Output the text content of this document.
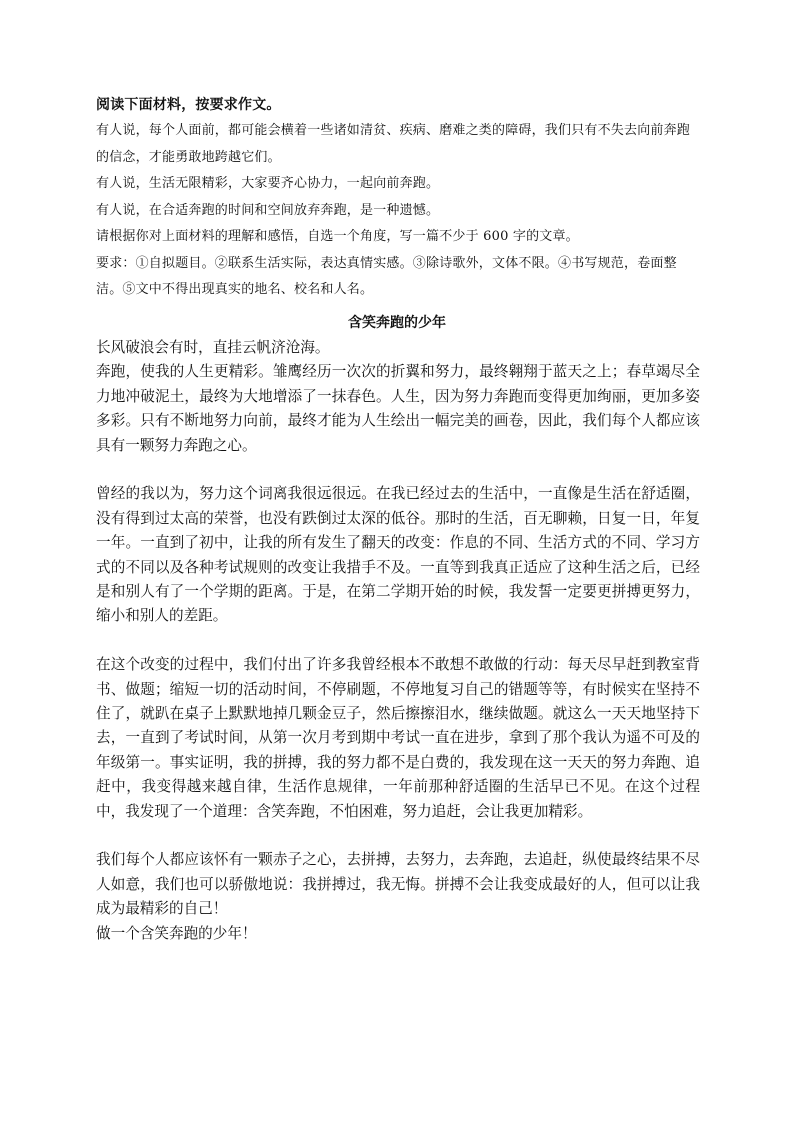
阅读下面材料，按要求作文。

有人说，每个人面前，都可能会横着一些诸如清贫、疾病、磨难之类的障碍，我们只有不失去向前奔跑的信念，才能勇敢地跨越它们。

有人说，生活无限精彩，大家要齐心协力，一起向前奔跑。

有人说，在合适奔跑的时间和空间放弃奔跑，是一种遗憾。

请根据你对上面材料的理解和感悟，自选一个角度，写一篇不少于 600 字的文章。

要求：①自拟题目。②联系生活实际，表达真情实感。③除诗歌外，文体不限。④书写规范，卷面整洁。⑤文中不得出现真实的地名、校名和人名。

含笑奔跑的少年

长风破浪会有时，直挂云帆济沧海。

奔跑，使我的人生更精彩。雏鹰经历一次次的折翼和努力，最终翱翔于蓝天之上；春草竭尽全力地冲破泥土，最终为大地增添了一抹春色。人生，因为努力奔跑而变得更加绚丽，更加多姿多彩。只有不断地努力向前，最终才能为人生绘出一幅完美的画卷，因此，我们每个人都应该具有一颗努力奔跑之心。

曾经的我以为，努力这个词离我很远很远。在我已经过去的生活中，一直像是生活在舒适圈，没有得到过太高的荣誉，也没有跌倒过太深的低谷。那时的生活，百无聊赖，日复一日，年复一年。一直到了初中，让我的所有发生了翻天的改变：作息的不同、生活方式的不同、学习方式的不同以及各种考试规则的改变让我措手不及。一直等到我真正适应了这种生活之后，已经是和别人有了一个学期的距离。于是，在第二学期开始的时候，我发誓一定要更拼搏更努力，缩小和别人的差距。

在这个改变的过程中，我们付出了许多我曾经根本不敢想不敢做的行动：每天尽早赶到教室背书、做题；缩短一切的活动时间，不停刷题，不停地复习自己的错题等等，有时候实在坚持不住了，就趴在桌子上默默地掉几颗金豆子，然后擦擦泪水，继续做题。就这么一天天地坚持下去，一直到了考试时间，从第一次月考到期中考试一直在进步，拿到了那个我认为遥不可及的年级第一。事实证明，我的拼搏，我的努力都不是白费的，我发现在这一天天的努力奔跑、追赶中，我变得越来越自律，生活作息规律，一年前那种舒适圈的生活早已不见。在这个过程中，我发现了一个道理：含笑奔跑，不怕困难，努力追赶，会让我更加精彩。

我们每个人都应该怀有一颗赤子之心，去拼搏，去努力，去奔跑，去追赶，纵使最终结果不尽人如意，我们也可以骄傲地说：我拼搏过，我无悔。拼搏不会让我变成最好的人，但可以让我成为最精彩的自己！

做一个含笑奔跑的少年！
